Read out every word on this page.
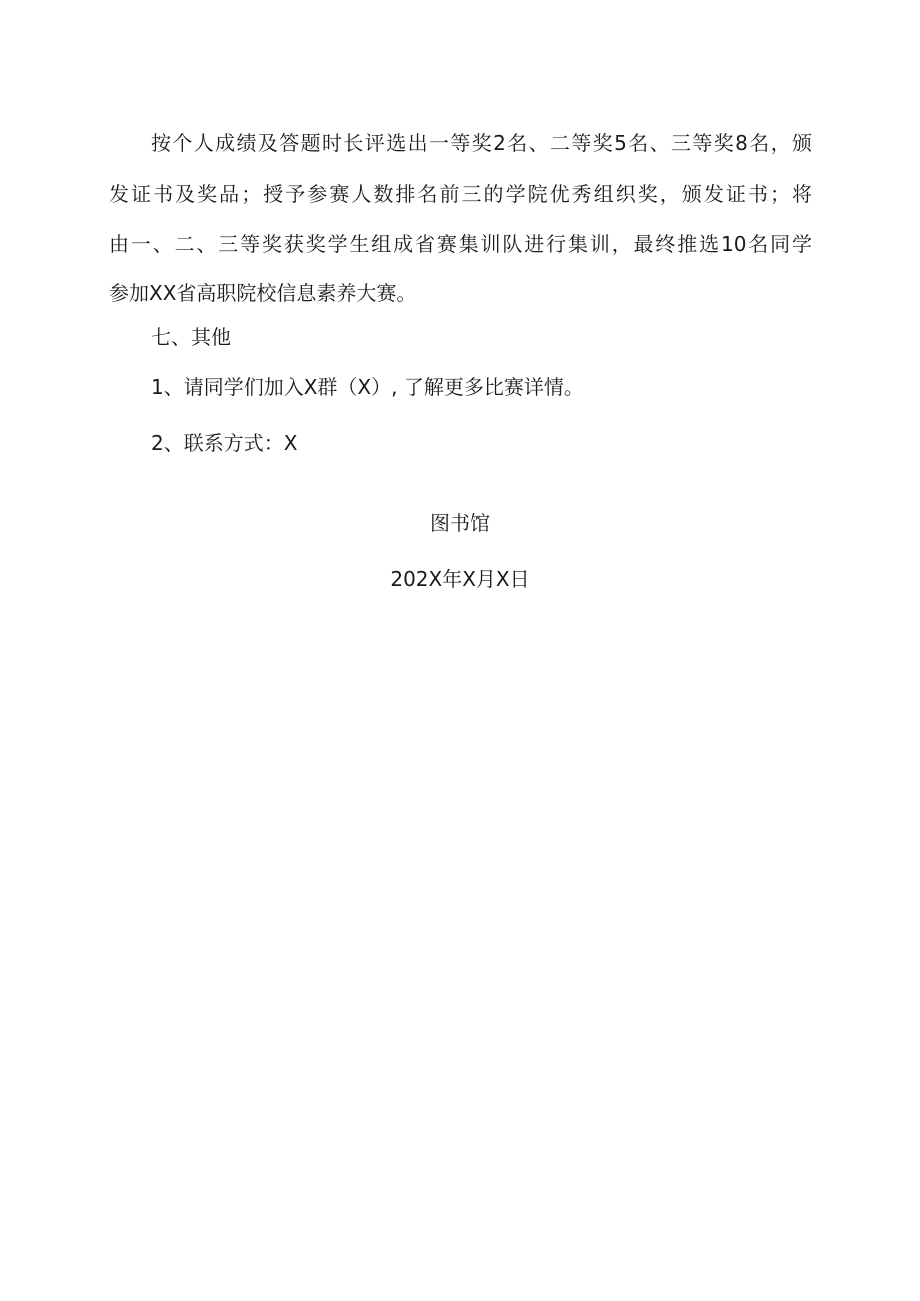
按个人成绩及答题时长评选出一等奖2名、二等奖5名、三等奖8名，颁
发证书及奖品；授予参赛人数排名前三的学院优秀组织奖，颁发证书；将
由一、二、三等奖获奖学生组成省赛集训队进行集训，最终推选10名同学
参加XX省高职院校信息素养大赛。
七、其他
1、请同学们加入X群（X）, 了解更多比赛详情。
2、联系方式：X
图书馆
202X年X月X日
